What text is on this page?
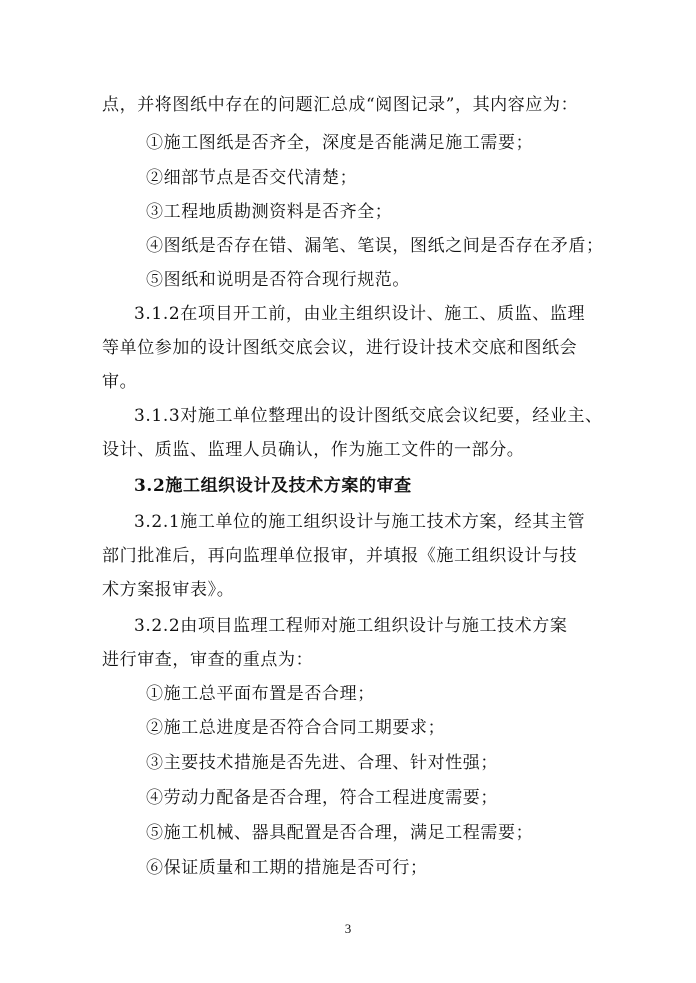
点，并将图纸中存在的问题汇总成“阅图记录”，其内容应为：
①施工图纸是否齐全，深度是否能满足施工需要；
②细部节点是否交代清楚；
③工程地质勘测资料是否齐全；
④图纸是否存在错、漏笔、笔误，图纸之间是否存在矛盾；
⑤图纸和说明是否符合现行规范。
3.1.2在项目开工前，由业主组织设计、施工、质监、监理
等单位参加的设计图纸交底会议，进行设计技术交底和图纸会
审。
3.1.3对施工单位整理出的设计图纸交底会议纪要，经业主、
设计、质监、监理人员确认，作为施工文件的一部分。
3.2施工组织设计及技术方案的审查
3.2.1施工单位的施工组织设计与施工技术方案，经其主管
部门批准后，再向监理单位报审，并填报《施工组织设计与技
术方案报审表》。
3.2.2由项目监理工程师对施工组织设计与施工技术方案
进行审查，审查的重点为：
①施工总平面布置是否合理；
②施工总进度是否符合合同工期要求；
③主要技术措施是否先进、合理、针对性强；
④劳动力配备是否合理，符合工程进度需要；
⑤施工机械、器具配置是否合理，满足工程需要；
⑥保证质量和工期的措施是否可行；
3
